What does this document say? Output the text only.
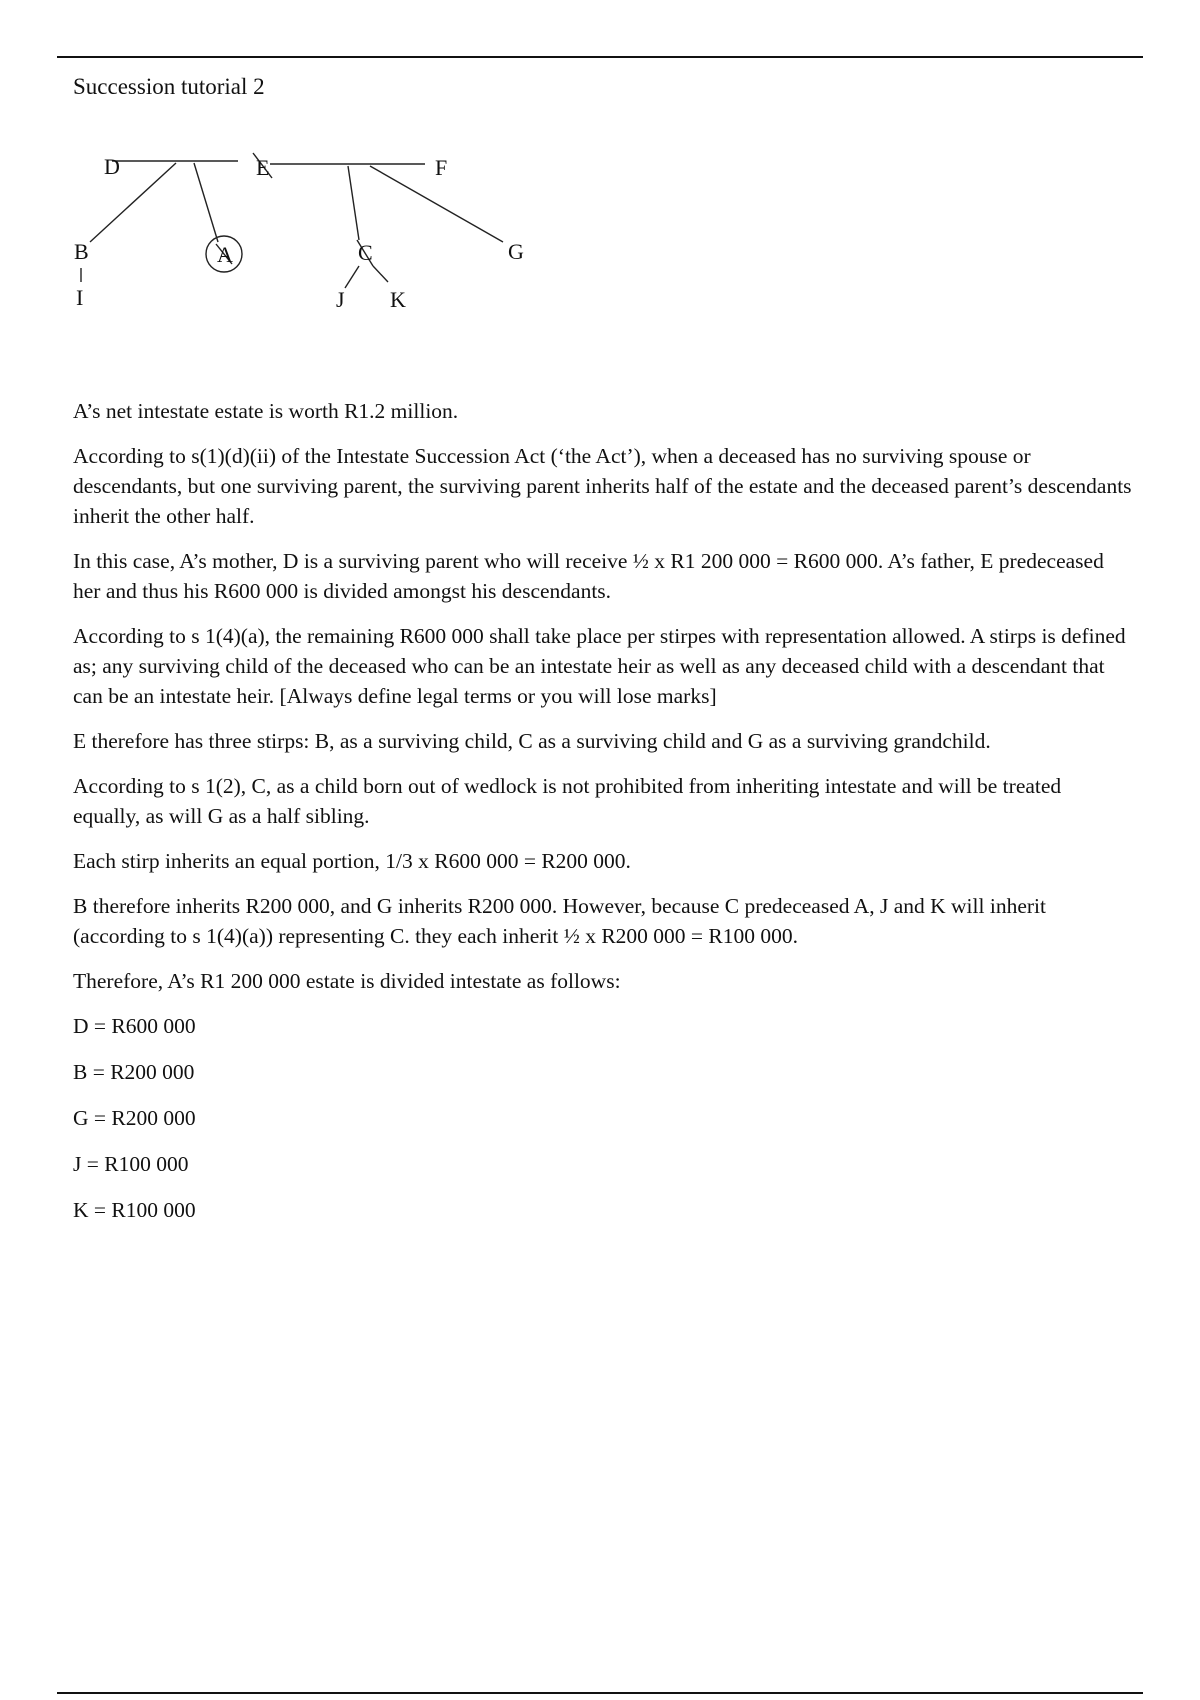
Succession tutorial 2

D	E	F
B	A	C	G
I	J K

A’s net intestate estate is worth R1.2 million.

According to s(1)(d)(ii) of the Intestate Succession Act (‘the Act’), when a deceased has no surviving spouse or descendants, but one surviving parent, the surviving parent inherits half of the estate and the deceased parent’s descendants inherit the other half.

In this case, A’s mother, D is a surviving parent who will receive ½ x R1 200 000 = R600 000. A’s father, E predeceased her and thus his R600 000 is divided amongst his descendants.

According to s 1(4)(a), the remaining R600 000 shall take place per stirpes with representation allowed. A stirps is defined as; any surviving child of the deceased who can be an intestate heir as well as any deceased child with a descendant that can be an intestate heir. [Always define legal terms or you will lose marks]

E therefore has three stirps: B, as a surviving child, C as a surviving child and G as a surviving grandchild.

According to s 1(2), C, as a child born out of wedlock is not prohibited from inheriting intestate and will be treated equally, as will G as a half sibling.

Each stirp inherits an equal portion, 1/3 x R600 000 = R200 000.

B therefore inherits R200 000, and G inherits R200 000. However, because C predeceased A, J and K will inherit (according to s 1(4)(a)) representing C. they each inherit ½ x R200 000 = R100 000.

Therefore, A’s R1 200 000 estate is divided intestate as follows:

D = R600 000

B = R200 000

G = R200 000

J = R100 000

K = R100 000
